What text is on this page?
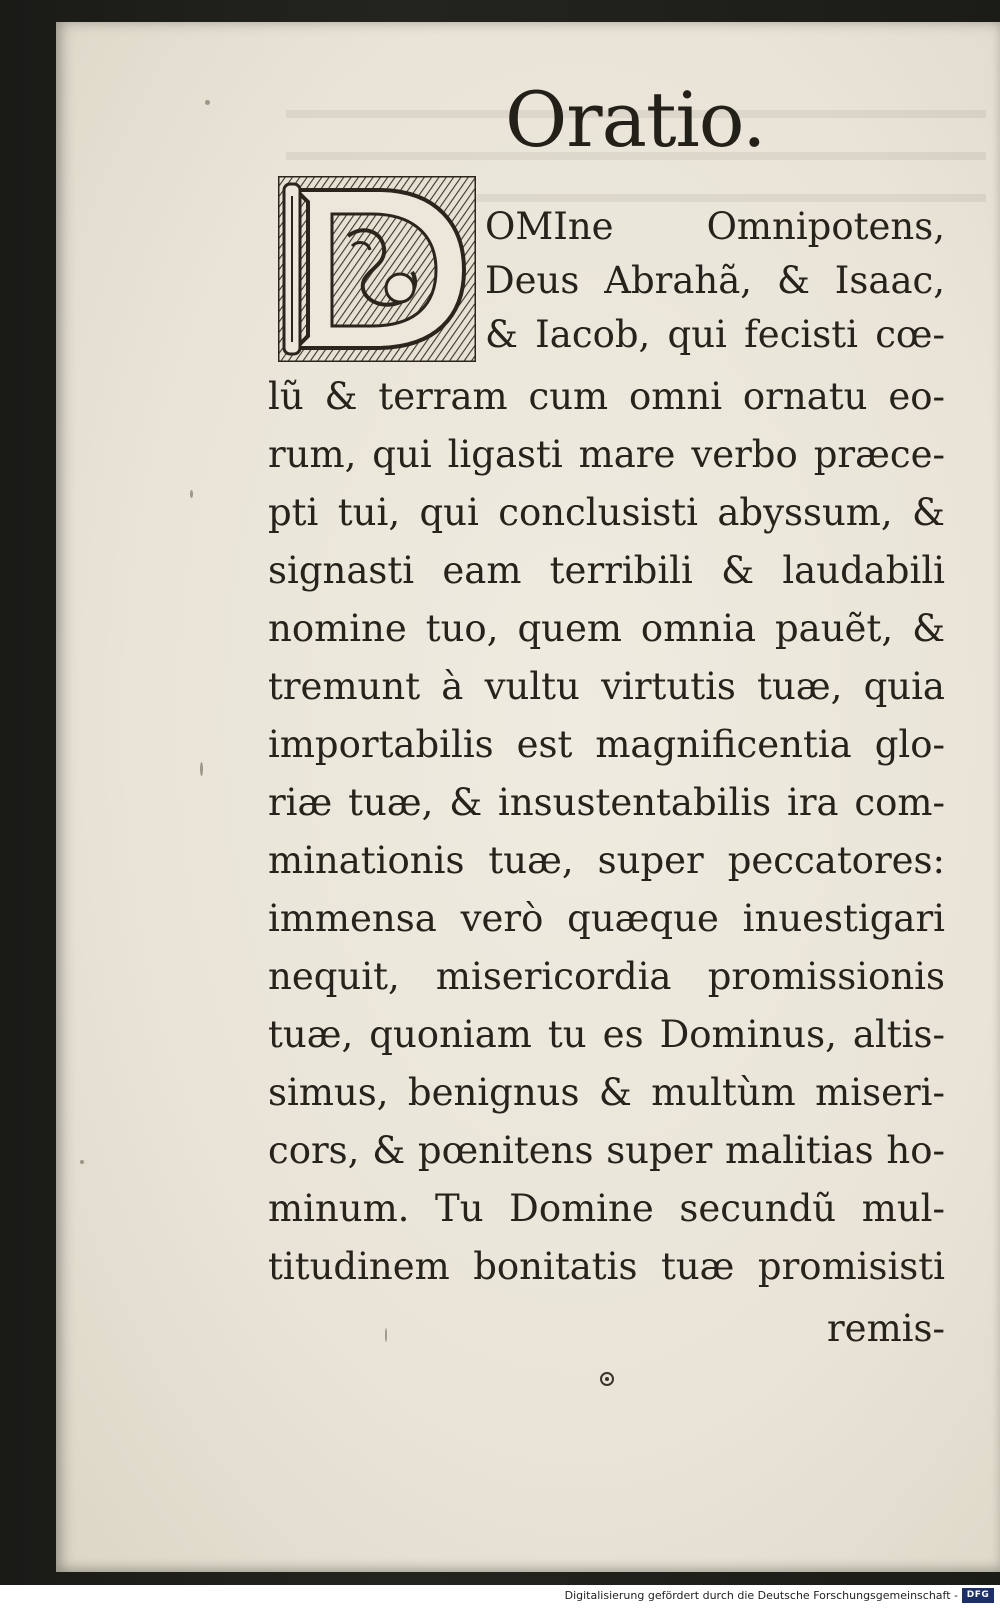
Oratio.
OMIne Omnipotens,
Deus Abrahã, & Isaac,
& Iacob, qui fecisti cœ-
lũ & terram cum omni ornatu eo-
rum, qui ligasti mare verbo præce-
pti tui, qui conclusisti abyssum, &
signasti eam terribili & laudabili
nomine tuo, quem omnia pauẽt, &
tremunt à vultu virtutis tuæ, quia
importabilis est magnificentia glo-
riæ tuæ, & insustentabilis ira com-
minationis tuæ, super peccatores:
immensa verò quæque inuestigari
nequit, misericordia promissionis
tuæ, quoniam tu es Dominus, altis-
simus, benignus & multùm miseri-
cors, & pœnitens super malitias ho-
minum. Tu Domine secundũ mul-
titudinem bonitatis tuæ promisisti
remis-
Digitalisierung gefördert durch die Deutsche Forschungsgemeinschaft - DFG
